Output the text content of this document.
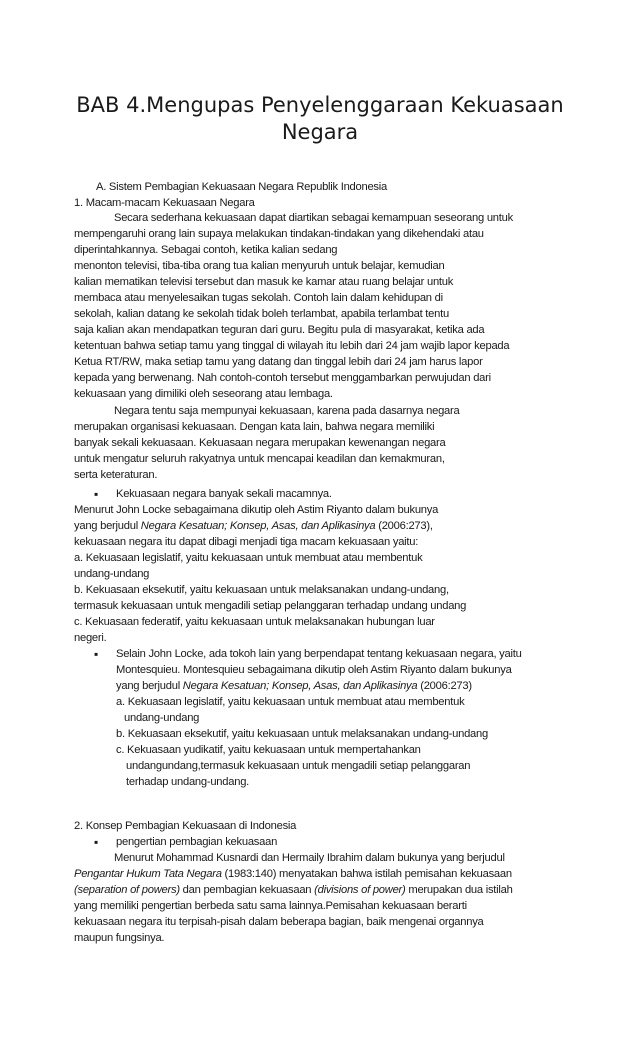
BAB 4.Mengupas Penyelenggaraan Kekuasaan Negara
A. Sistem Pembagian Kekuasaan Negara Republik Indonesia
1. Macam-macam Kekuasaan Negara
Secara sederhana kekuasaan dapat diartikan sebagai kemampuan seseorang untuk
mempengaruhi orang lain supaya melakukan tindakan-tindakan yang dikehendaki atau
diperintahkannya. Sebagai contoh, ketika kalian sedang
menonton televisi, tiba-tiba orang tua kalian menyuruh untuk belajar, kemudian
kalian mematikan televisi tersebut dan masuk ke kamar atau ruang belajar untuk
membaca atau menyelesaikan tugas sekolah. Contoh lain dalam kehidupan di
sekolah, kalian datang ke sekolah tidak boleh terlambat, apabila terlambat tentu
saja kalian akan mendapatkan teguran dari guru. Begitu pula di masyarakat, ketika ada
ketentuan bahwa setiap tamu yang tinggal di wilayah itu lebih dari 24 jam wajib lapor kepada
Ketua RT/RW, maka setiap tamu yang datang dan tinggal lebih dari 24 jam harus lapor
kepada yang berwenang. Nah contoh-contoh tersebut menggambarkan perwujudan dari
kekuasaan yang dimiliki oleh seseorang atau lembaga.
Negara tentu saja mempunyai kekuasaan, karena pada dasarnya negara
merupakan organisasi kekuasaan. Dengan kata lain, bahwa negara memiliki
banyak sekali kekuasaan. Kekuasaan negara merupakan kewenangan negara
untuk mengatur seluruh rakyatnya untuk mencapai keadilan dan kemakmuran,
serta keteraturan.
▪ Kekuasaan negara banyak sekali macamnya.
Menurut John Locke sebagaimana dikutip oleh Astim Riyanto dalam bukunya
yang berjudul Negara Kesatuan; Konsep, Asas, dan Aplikasinya (2006:273),
kekuasaan negara itu dapat dibagi menjadi tiga macam kekuasaan yaitu:
a. Kekuasaan legislatif, yaitu kekuasaan untuk membuat atau membentuk
undang-undang
b. Kekuasaan eksekutif, yaitu kekuasaan untuk melaksanakan undang-undang,
termasuk kekuasaan untuk mengadili setiap pelanggaran terhadap undang undang
c. Kekuasaan federatif, yaitu kekuasaan untuk melaksanakan hubungan luar
negeri.
▪ Selain John Locke, ada tokoh lain yang berpendapat tentang kekuasaan negara, yaitu
Montesquieu. Montesquieu sebagaimana dikutip oleh Astim Riyanto dalam bukunya
yang berjudul Negara Kesatuan; Konsep, Asas, dan Aplikasinya (2006:273)
a. Kekuasaan legislatif, yaitu kekuasaan untuk membuat atau membentuk
undang-undang
b. Kekuasaan eksekutif, yaitu kekuasaan untuk melaksanakan undang-undang
c. Kekuasaan yudikatif, yaitu kekuasaan untuk mempertahankan
undangundang,termasuk kekuasaan untuk mengadili setiap pelanggaran
terhadap undang-undang.
2. Konsep Pembagian Kekuasaan di Indonesia
▪ pengertian pembagian kekuasaan
Menurut Mohammad Kusnardi dan Hermaily Ibrahim dalam bukunya yang berjudul
Pengantar Hukum Tata Negara (1983:140) menyatakan bahwa istilah pemisahan kekuasaan
(separation of powers) dan pembagian kekuasaan (divisions of power) merupakan dua istilah
yang memiliki pengertian berbeda satu sama lainnya.Pemisahan kekuasaan berarti
kekuasaan negara itu terpisah-pisah dalam beberapa bagian, baik mengenai organnya
maupun fungsinya.
